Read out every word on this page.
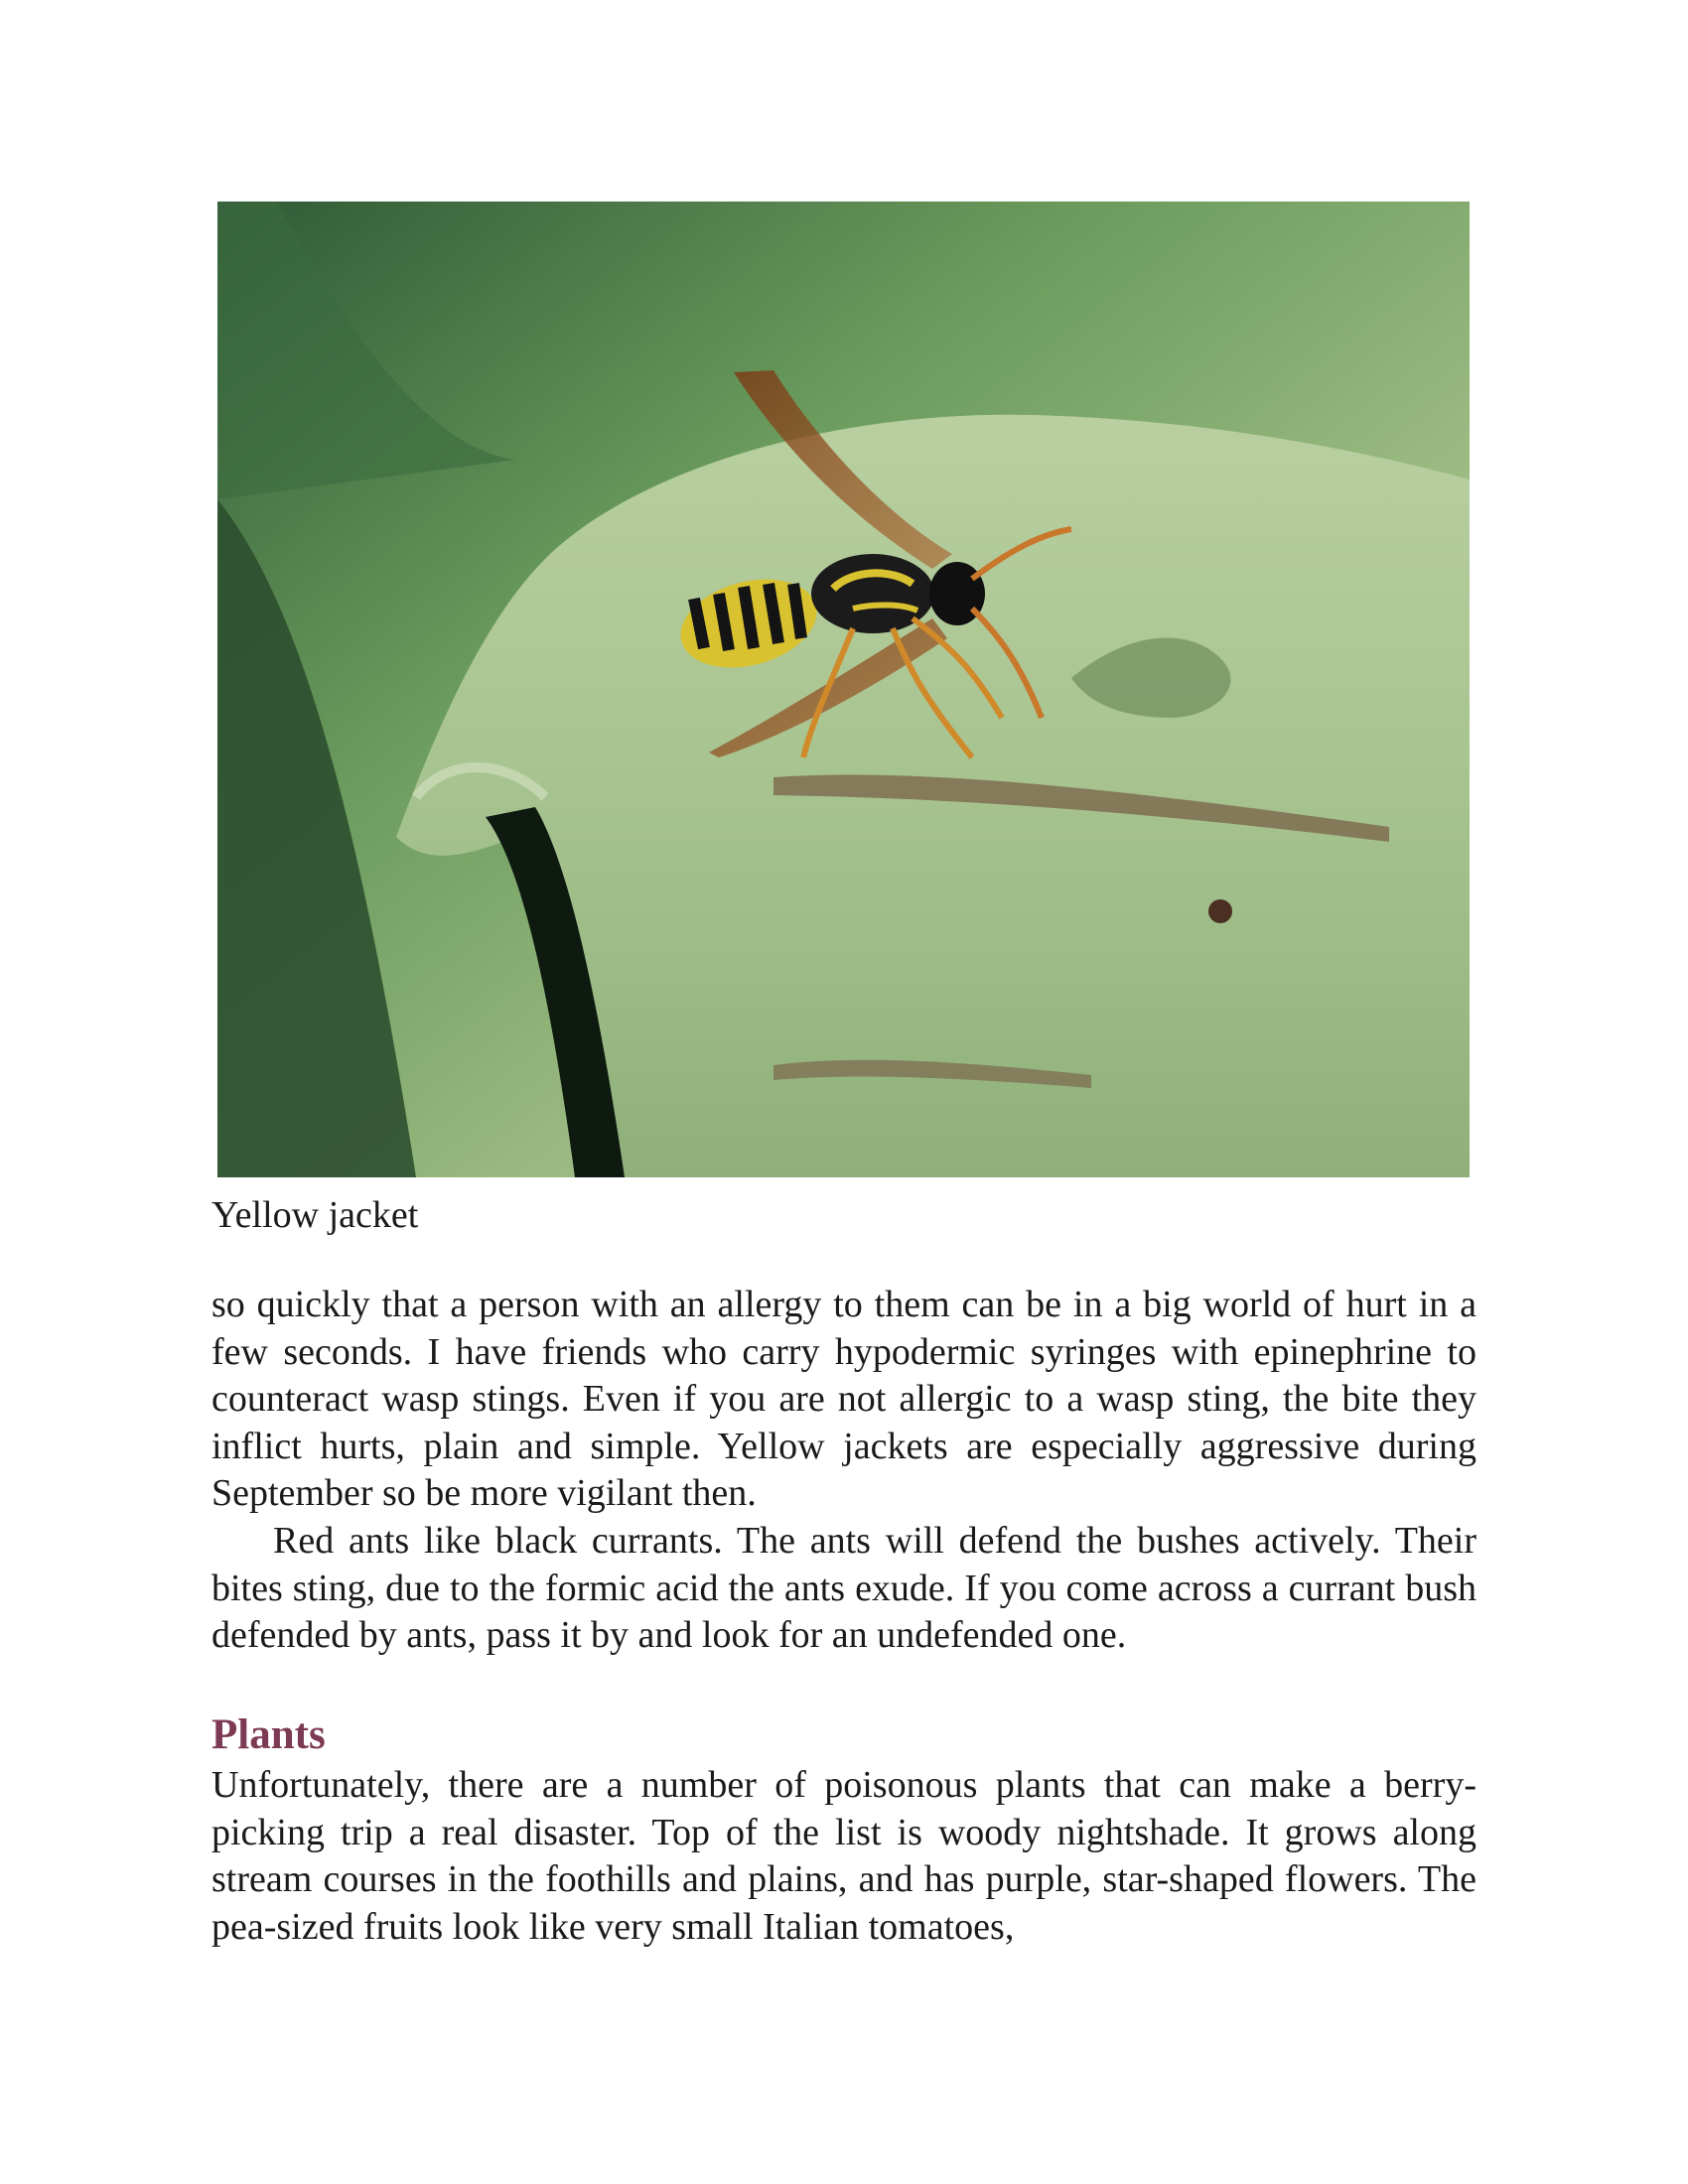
Yellow jacket

so quickly that a person with an allergy to them can be in a big world of hurt in a few seconds. I have friends who carry hypodermic syringes with epinephrine to counteract wasp stings. Even if you are not allergic to a wasp sting, the bite they inflict hurts, plain and simple. Yellow jackets are especially aggressive during September so be more vigilant then.

Red ants like black currants. The ants will defend the bushes actively. Their bites sting, due to the formic acid the ants exude. If you come across a currant bush defended by ants, pass it by and look for an undefended one.

Plants

Unfortunately, there are a number of poisonous plants that can make a berry-picking trip a real disaster. Top of the list is woody nightshade. It grows along stream courses in the foothills and plains, and has purple, star-shaped flowers. The pea-sized fruits look like very small Italian tomatoes,
